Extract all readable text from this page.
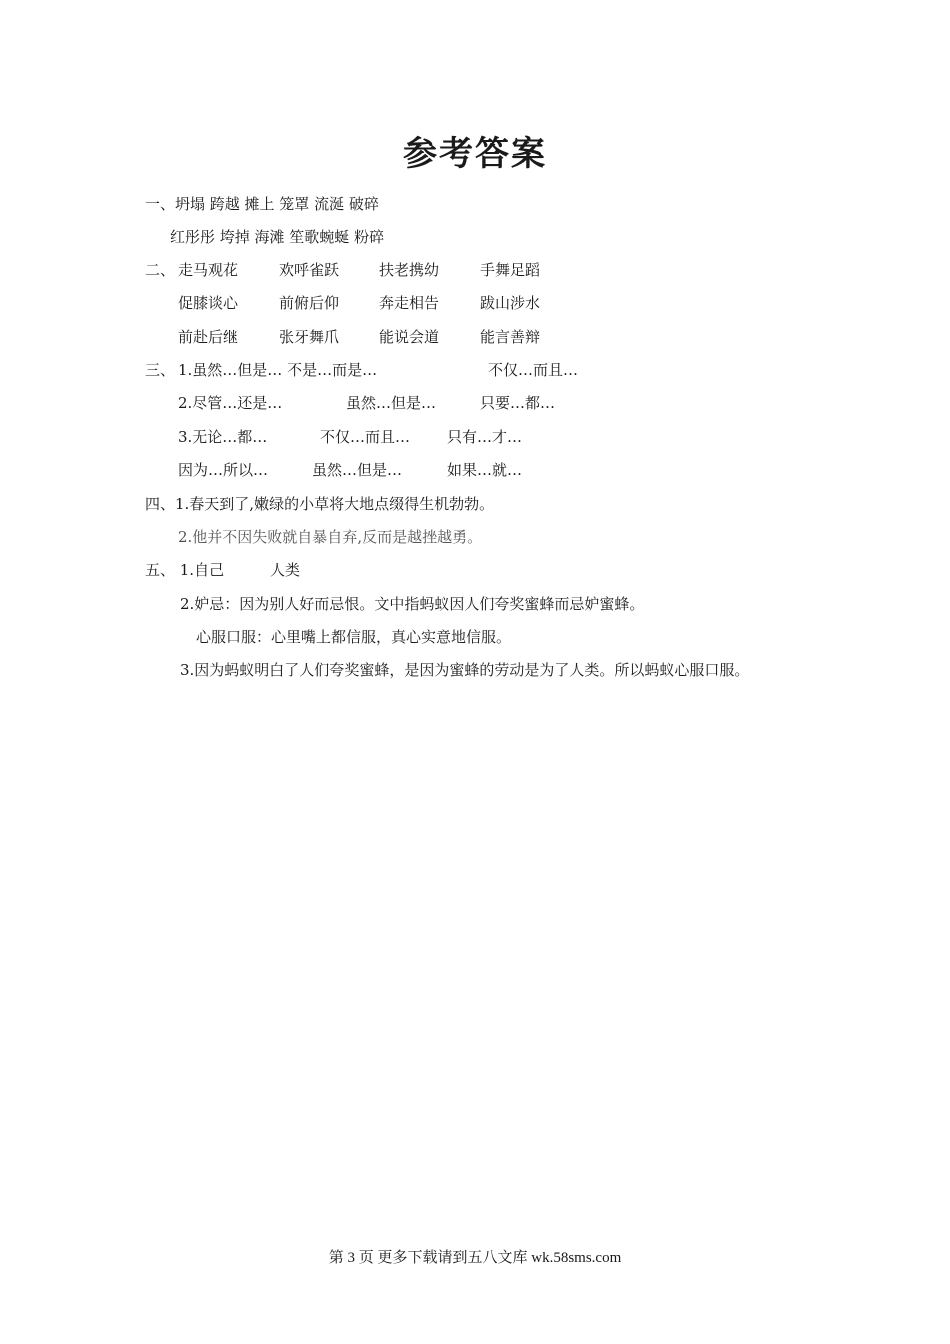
参考答案
一、坍塌 跨越 摊上 笼罩 流涎 破碎
红彤彤 垮掉 海滩 笙歌蜿蜒 粉碎
二、 走马观花	欢呼雀跃	扶老携幼	手舞足蹈
促膝谈心	前俯后仰	奔走相告	跋山涉水
前赴后继	张牙舞爪	能说会道	能言善辩
三、 1.虽然…但是… 不是…而是…	不仅…而且…
2.尽管…还是…	虽然…但是…	只要…都…
3.无论…都…	不仅…而且… 只有…才…
因为…所以…	虽然…但是…	如果…就…
四、1.春天到了,嫩绿的小草将大地点缀得生机勃勃。
2.他并不因失败就自暴自弃,反而是越挫越勇。
五、 1.自己	人类
2.妒忌：因为别人好而忌恨。文中指蚂蚁因人们夸奖蜜蜂而忌妒蜜蜂。
心服口服：心里嘴上都信服，真心实意地信服。
3.因为蚂蚁明白了人们夸奖蜜蜂，是因为蜜蜂的劳动是为了人类。所以蚂蚁心服口服。
第 3 页 更多下载请到五八文库 wk.58sms.com
